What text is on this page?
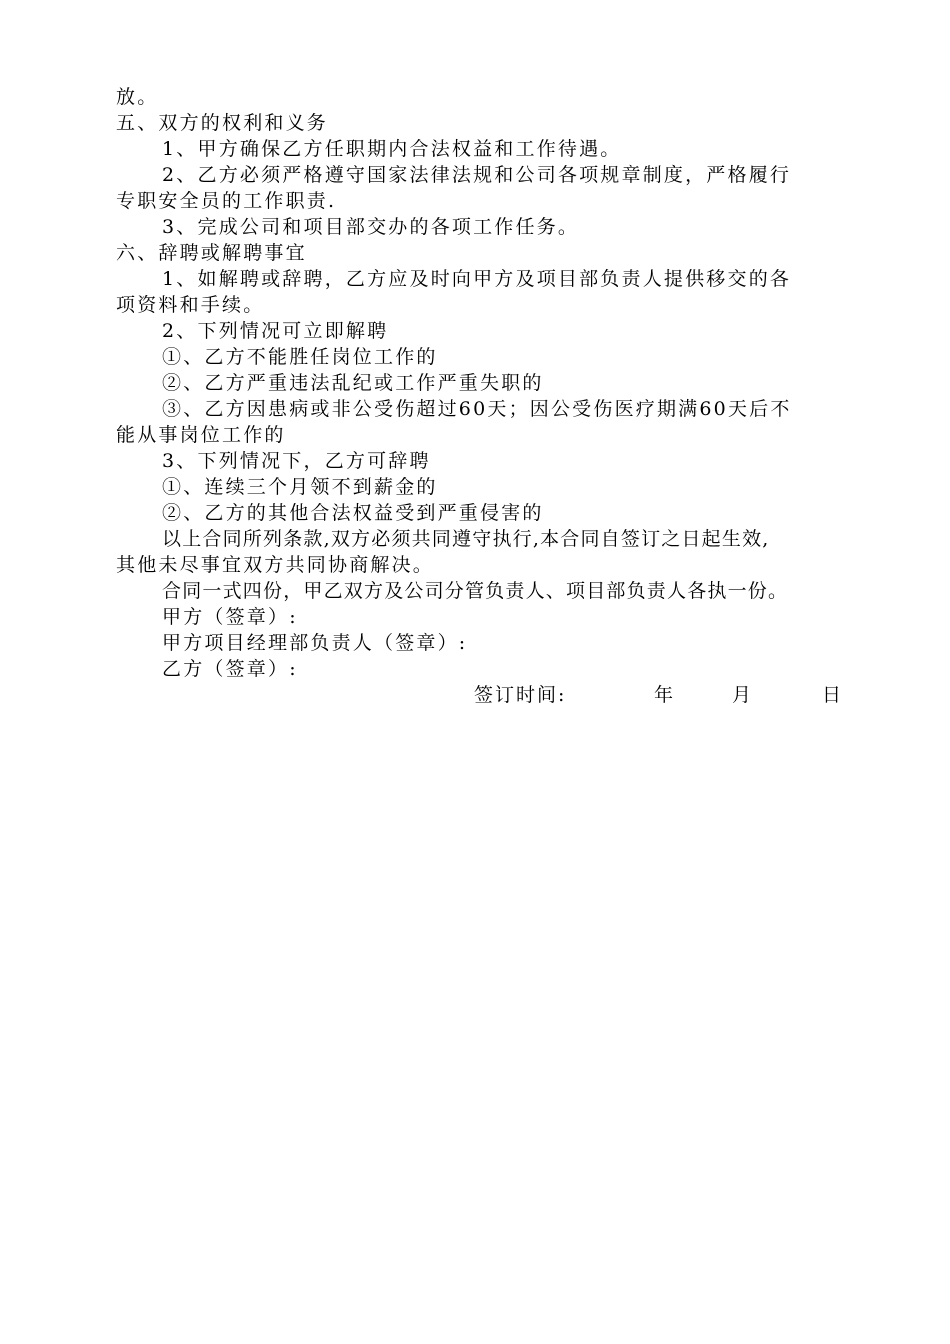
放。
五、双方的权利和义务
1、甲方确保乙方任职期内合法权益和工作待遇。
2、乙方必须严格遵守国家法律法规和公司各项规章制度，严格履行
专职安全员的工作职责.
3、完成公司和项目部交办的各项工作任务。
六、辞聘或解聘事宜
1、如解聘或辞聘，乙方应及时向甲方及项目部负责人提供移交的各
项资料和手续。
2、下列情况可立即解聘
①、乙方不能胜任岗位工作的
②、乙方严重违法乱纪或工作严重失职的
③、乙方因患病或非公受伤超过60天；因公受伤医疗期满60天后不
能从事岗位工作的
3、下列情况下，乙方可辞聘
①、连续三个月领不到薪金的
②、乙方的其他合法权益受到严重侵害的
以上合同所列条款,双方必须共同遵守执行,本合同自签订之日起生效,
其他未尽事宜双方共同协商解决。
合同一式四份，甲乙双方及公司分管负责人、项目部负责人各执一份。
甲方（签章）:
甲方项目经理部负责人（签章）:
乙方（签章）:
签订时间:	年	月	日
